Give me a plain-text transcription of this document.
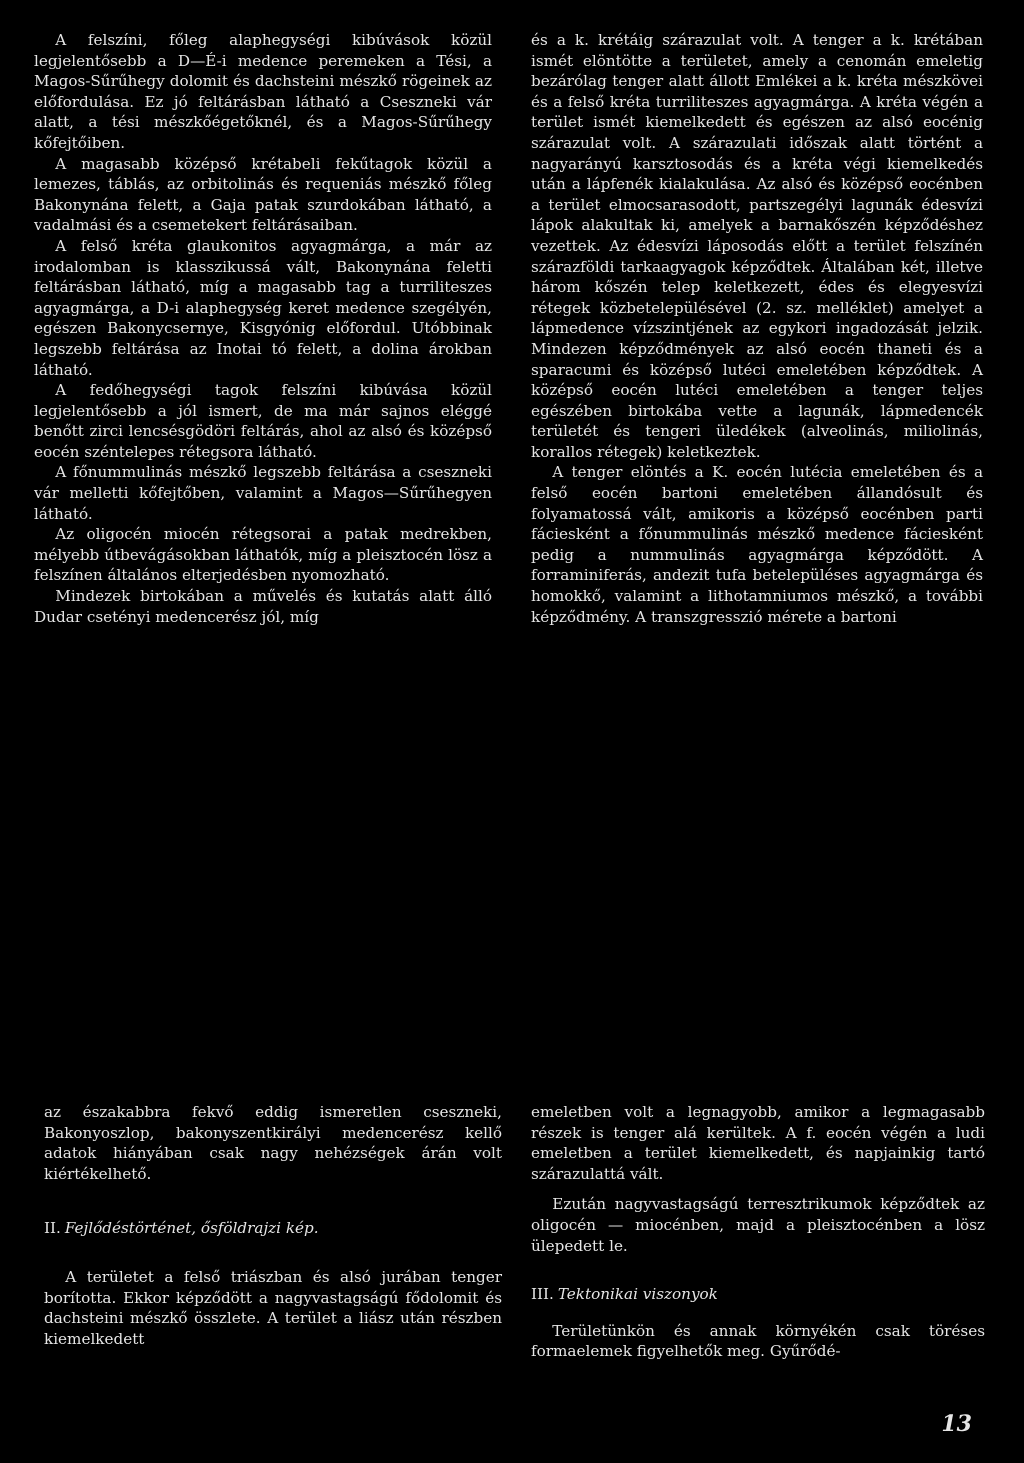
A felszíni, főleg alaphegységi kibúvások közül legjelentősebb a D—É-i medence peremeken a Tési, a Magos-Sűrűhegy dolomit és dachsteini mészkő rögeinek az előfordulása. Ez jó feltárásban látható a Cseszneki vár alatt, a tési mészkőégetőknél, és a Magos-Sűrűhegy kőfejtőiben.

A magasabb középső krétabeli fekűtagok közül a lemezes, táblás, az orbitolinás és requeniás mészkő főleg Bakonynána felett, a Gaja patak szurdokában látható, a vadalmási és a csemetekert feltárásaiban.

A felső kréta glaukonitos agyagmárga, a már az irodalomban is klasszikussá vált, Bakonynána feletti feltárásban látható, míg a magasabb tag a turriliteszes agyagmárga, a D-i alaphegység keret medence szegélyén, egészen Bakonycsernye, Kisgyónig előfordul. Utóbbinak legszebb feltárása az Inotai tó felett, a dolina árokban látható.

A fedőhegységi tagok felszíni kibúvása közül legjelentősebb a jól ismert, de ma már sajnos eléggé benőtt zirci lencsésgödöri feltárás, ahol az alsó és középső eocén széntelepes rétegsora látható.

A főnummulinás mészkő legszebb feltárása a cseszneki vár melletti kőfejtőben, valamint a Magos—Sűrűhegyen látható.

Az oligocén miocén rétegsorai a patak medrekben, mélyebb útbevágásokban láthatók, míg a pleisztocén lösz a felszínen általános elterjedésben nyomozható.

Mindezek birtokában a művelés és kutatás alatt álló Dudar csetényi medencerész jól, míg

és a k. krétáig szárazulat volt. A tenger a k. krétában ismét elöntötte a területet, amely a cenomán emeletig bezárólag tenger alatt állott Emlékei a k. kréta mészkövei és a felső kréta turriliteszes agyagmárga. A kréta végén a terület ismét kiemelkedett és egészen az alsó eocénig szárazulat volt. A szárazulati időszak alatt történt a nagyarányú karsztosodás és a kréta végi kiemelkedés után a lápfenék kialakulása. Az alsó és középső eocénben a terület elmocsarasodott, partszegélyi lagunák édesvízi lápok alakultak ki, amelyek a barnakőszén képződéshez vezettek. Az édesvízi láposodás előtt a terület felszínén szárazföldi tarkaagyagok képződtek. Általában két, illetve három kőszén telep keletkezett, édes és elegyesvízi rétegek közbetelepülésével (2. sz. melléklet) amelyet a lápmedence vízszintjének az egykori ingadozását jelzik. Mindezen képződmények az alsó eocén thaneti és a sparacumi és középső lutéci emeletében képződtek. A középső eocén lutéci emeletében a tenger teljes egészében birtokába vette a lagunák, lápmedencék területét és tengeri üledékek (alveolinás, miliolinás, korallos rétegek) keletkeztek.

A tenger elöntés a K. eocén lutécia emeletében és a felső eocén bartoni emeletében állandósult és folyamatossá vált, amikoris a középső eocénben parti fáciesként a főnummulinás mészkő medence fáciesként pedig a nummulinás agyagmárga képződött. A forraminiferás, andezit tufa betelepüléses agyagmárga és homokkő, valamint a lithotamniumos mészkő, a további képződmény. A transzgresszió mérete a bartoni

az északabbra fekvő eddig ismeretlen cseszneki, Bakonyoszlop, bakonyszentkirályi medencerész kellő adatok hiányában csak nagy nehézségek árán volt kiértékelhető.

II. Fejlődéstörténet, ősföldrajzi kép.

A területet a felső triászban és alsó jurában tenger borította. Ekkor képződött a nagyvastagságú fődolomit és dachsteini mészkő összlete. A terület a liász után részben kiemelkedett

emeletben volt a legnagyobb, amikor a legmagasabb részek is tenger alá kerültek. A f. eocén végén a ludi emeletben a terület kiemelkedett, és napjainkig tartó szárazulattá vált.

Ezután nagyvastagságú terresztrikumok képződtek az oligocén — miocénben, majd a pleisztocénben a lösz ülepedett le.

III. Tektonikai viszonyok

Területünkön és annak környékén csak töréses formaelemek figyelhetők meg. Gyűrődé-

13
